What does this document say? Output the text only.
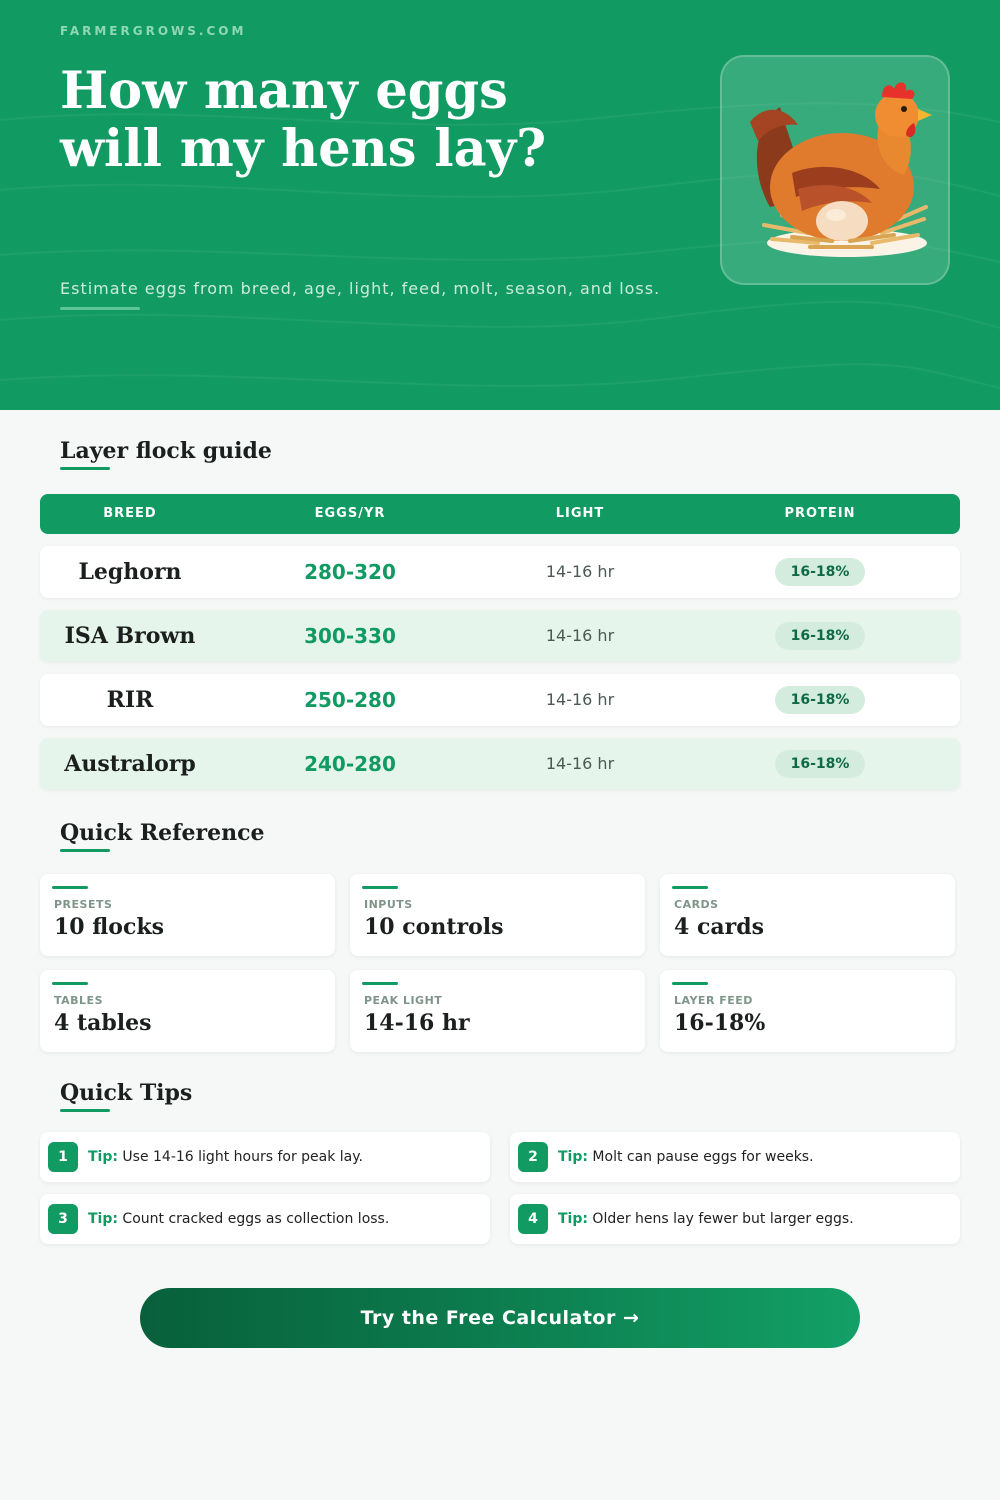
FARMERGROWS.COM
How many eggs will my hens lay?
Estimate eggs from breed, age, light, feed, molt, season, and loss.
Layer flock guide
BREED	EGGS/YR	LIGHT	PROTEIN
Leghorn	280-320	14-16 hr	16-18%
ISA Brown	300-330	14-16 hr	16-18%
RIR	250-280	14-16 hr	16-18%
Australorp	240-280	14-16 hr	16-18%
Quick Reference
PRESETS
10 flocks
INPUTS
10 controls
CARDS
4 cards
TABLES
4 tables
PEAK LIGHT
14-16 hr
LAYER FEED
16-18%
Quick Tips
1	Tip: Use 14-16 light hours for peak lay.	2	Tip: Molt can pause eggs for weeks.
3	Tip: Count cracked eggs as collection loss.	4	Tip: Older hens lay fewer but larger eggs.
Try the Free Calculator →
